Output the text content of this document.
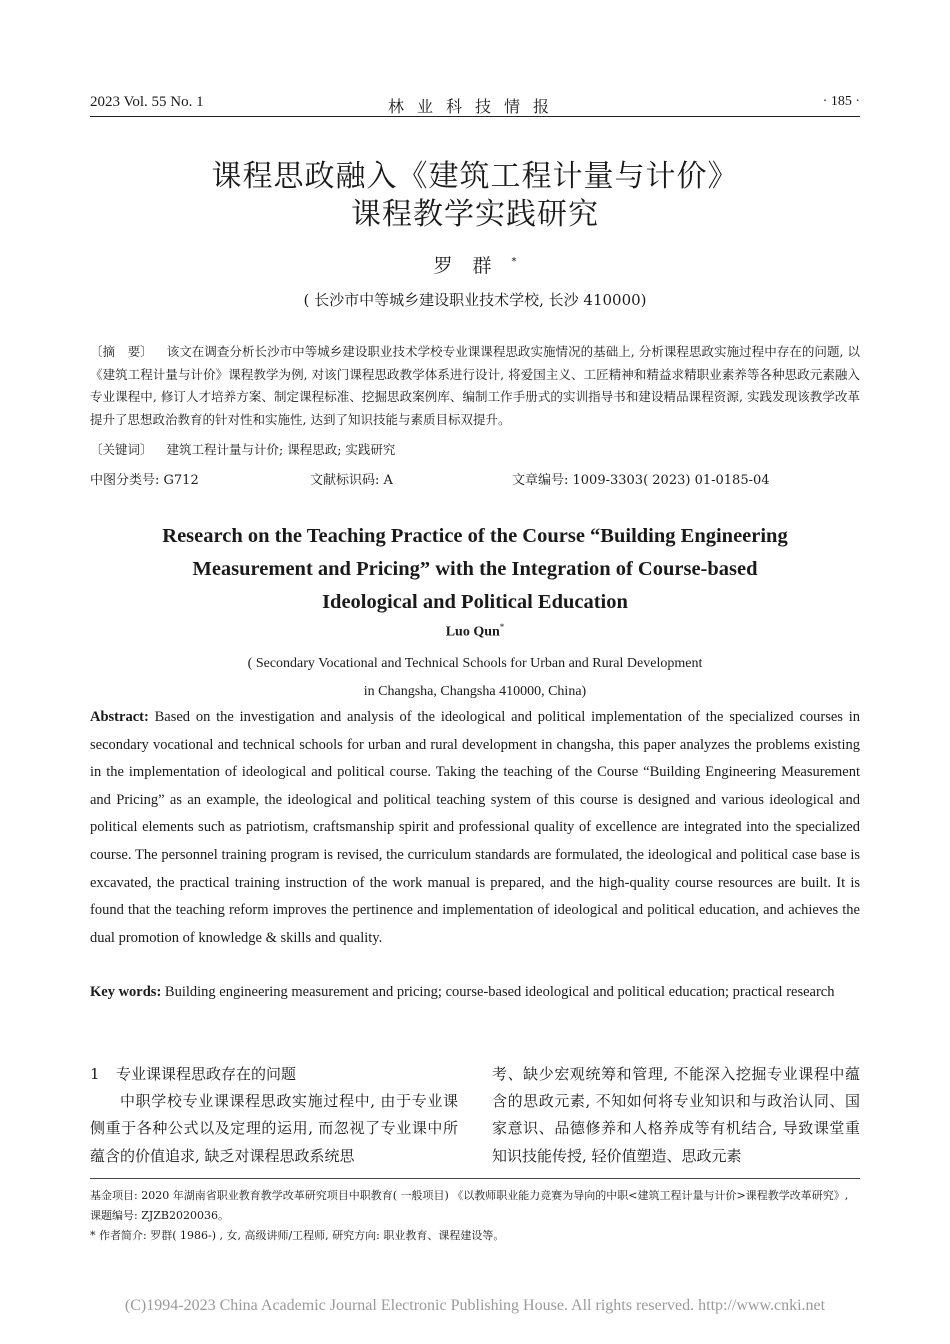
2023 Vol. 55 No. 1	林业科技情报	· 185 ·
课程思政融入《建筑工程计量与计价》
课程教学实践研究
罗群*
( 长沙市中等城乡建设职业技术学校, 长沙 410000)
〔摘　要〕 该文在调查分析长沙市中等城乡建设职业技术学校专业课课程思政实施情况的基础上, 分析课程思政实施过程中存在的问题, 以《建筑工程计量与计价》课程教学为例, 对该门课程思政教学体系进行设计, 将爱国主义、工匠精神和精益求精职业素养等各种思政元素融入专业课程中, 修订人才培养方案、制定课程标准、挖掘思政案例库、编制工作手册式的实训指导书和建设精品课程资源, 实践发现该教学改革提升了思想政治教育的针对性和实施性, 达到了知识技能与素质目标双提升。
〔关键词〕 建筑工程计量与计价; 课程思政; 实践研究
中图分类号: G712	文献标识码: A	文章编号: 1009-3303( 2023) 01-0185-04
Research on the Teaching Practice of the Course “Building Engineering
Measurement and Pricing” with the Integration of Course-based
Ideological and Political Education
Luo Qun*
( Secondary Vocational and Technical Schools for Urban and Rural Development
in Changsha, Changsha 410000, China)
Abstract: Based on the investigation and analysis of the ideological and political implementation of the specialized courses in secondary vocational and technical schools for urban and rural development in changsha, this paper analyzes the problems existing in the implementation of ideological and political course. Taking the teaching of the Course “Building Engineering Measurement and Pricing” as an example, the ideological and political teaching system of this course is designed and various ideological and political elements such as patriotism, craftsmanship spirit and professional quality of excellence are integrated into the specialized course. The personnel training program is revised, the curriculum standards are formulated, the ideological and political case base is excavated, the practical training instruction of the work manual is prepared, and the high-quality course resources are built. It is found that the teaching reform improves the pertinence and implementation of ideological and political education, and achieves the dual promotion of knowledge & skills and quality.
Key words: Building engineering measurement and pricing; course-based ideological and political education; practical research
1 专业课课程思政存在的问题
中职学校专业课课程思政实施过程中, 由于专业课侧重于各种公式以及定理的运用, 而忽视了专业课中所蕴含的价值追求, 缺乏对课程思政系统思
考、缺少宏观统筹和管理, 不能深入挖掘专业课程中蕴含的思政元素, 不知如何将专业知识和与政治认同、国家意识、品德修养和人格养成等有机结合, 导致课堂重知识技能传授, 轻价值塑造、思政元素
基金项目: 2020 年湖南省职业教育教学改革研究项目中职教育( 一般项目) 《以教师职业能力竞赛为导向的中职<建筑工程计量与计价>课程教学改革研究》, 课题编号: ZJZB2020036。
* 作者简介: 罗群( 1986-) , 女, 高级讲师/工程师, 研究方向: 职业教育、课程建设等。
(C)1994-2023 China Academic Journal Electronic Publishing House. All rights reserved. http://www.cnki.net
